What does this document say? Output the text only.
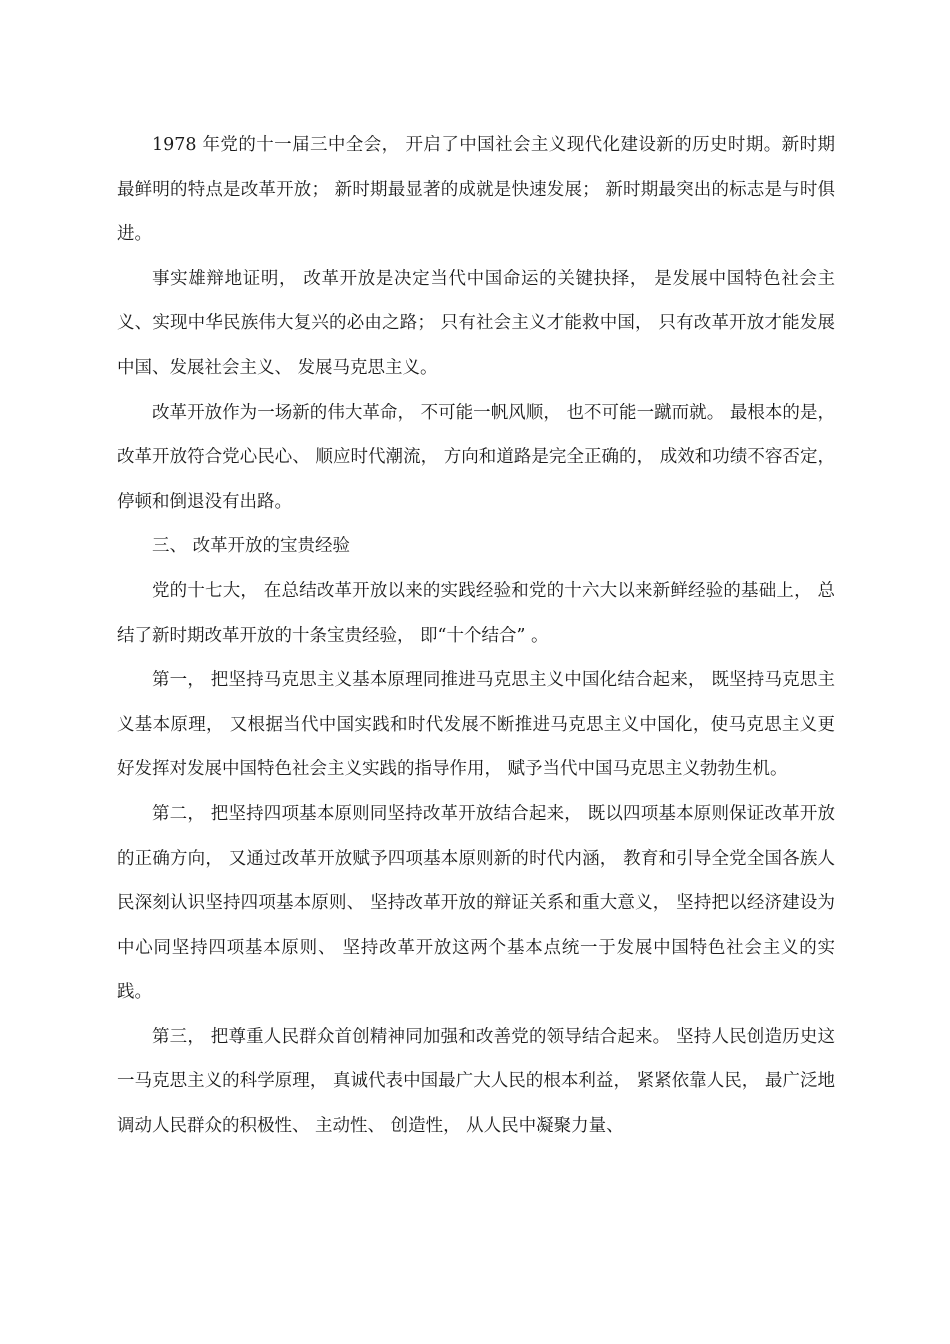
1978 年党的十一届三中全会， 开启了中国社会主义现代化建设新的历史时期。新时期最鲜明的特点是改革开放； 新时期最显著的成就是快速发展； 新时期最突出的标志是与时俱进。

事实雄辩地证明， 改革开放是决定当代中国命运的关键抉择， 是发展中国特色社会主义、实现中华民族伟大复兴的必由之路； 只有社会主义才能救中国， 只有改革开放才能发展中国、发展社会主义、 发展马克思主义。

改革开放作为一场新的伟大革命， 不可能一帆风顺， 也不可能一蹴而就。 最根本的是，改革开放符合党心民心、 顺应时代潮流， 方向和道路是完全正确的， 成效和功绩不容否定，停顿和倒退没有出路。

三、 改革开放的宝贵经验

党的十七大， 在总结改革开放以来的实践经验和党的十六大以来新鲜经验的基础上， 总结了新时期改革开放的十条宝贵经验， 即“十个结合” 。

第一， 把坚持马克思主义基本原理同推进马克思主义中国化结合起来， 既坚持马克思主义基本原理， 又根据当代中国实践和时代发展不断推进马克思主义中国化，使马克思主义更好发挥对发展中国特色社会主义实践的指导作用， 赋予当代中国马克思主义勃勃生机。

第二， 把坚持四项基本原则同坚持改革开放结合起来， 既以四项基本原则保证改革开放的正确方向， 又通过改革开放赋予四项基本原则新的时代内涵， 教育和引导全党全国各族人民深刻认识坚持四项基本原则、 坚持改革开放的辩证关系和重大意义， 坚持把以经济建设为中心同坚持四项基本原则、 坚持改革开放这两个基本点统一于发展中国特色社会主义的实践。

第三， 把尊重人民群众首创精神同加强和改善党的领导结合起来。 坚持人民创造历史这一马克思主义的科学原理， 真诚代表中国最广大人民的根本利益， 紧紧依靠人民， 最广泛地调动人民群众的积极性、 主动性、 创造性， 从人民中凝聚力量、
